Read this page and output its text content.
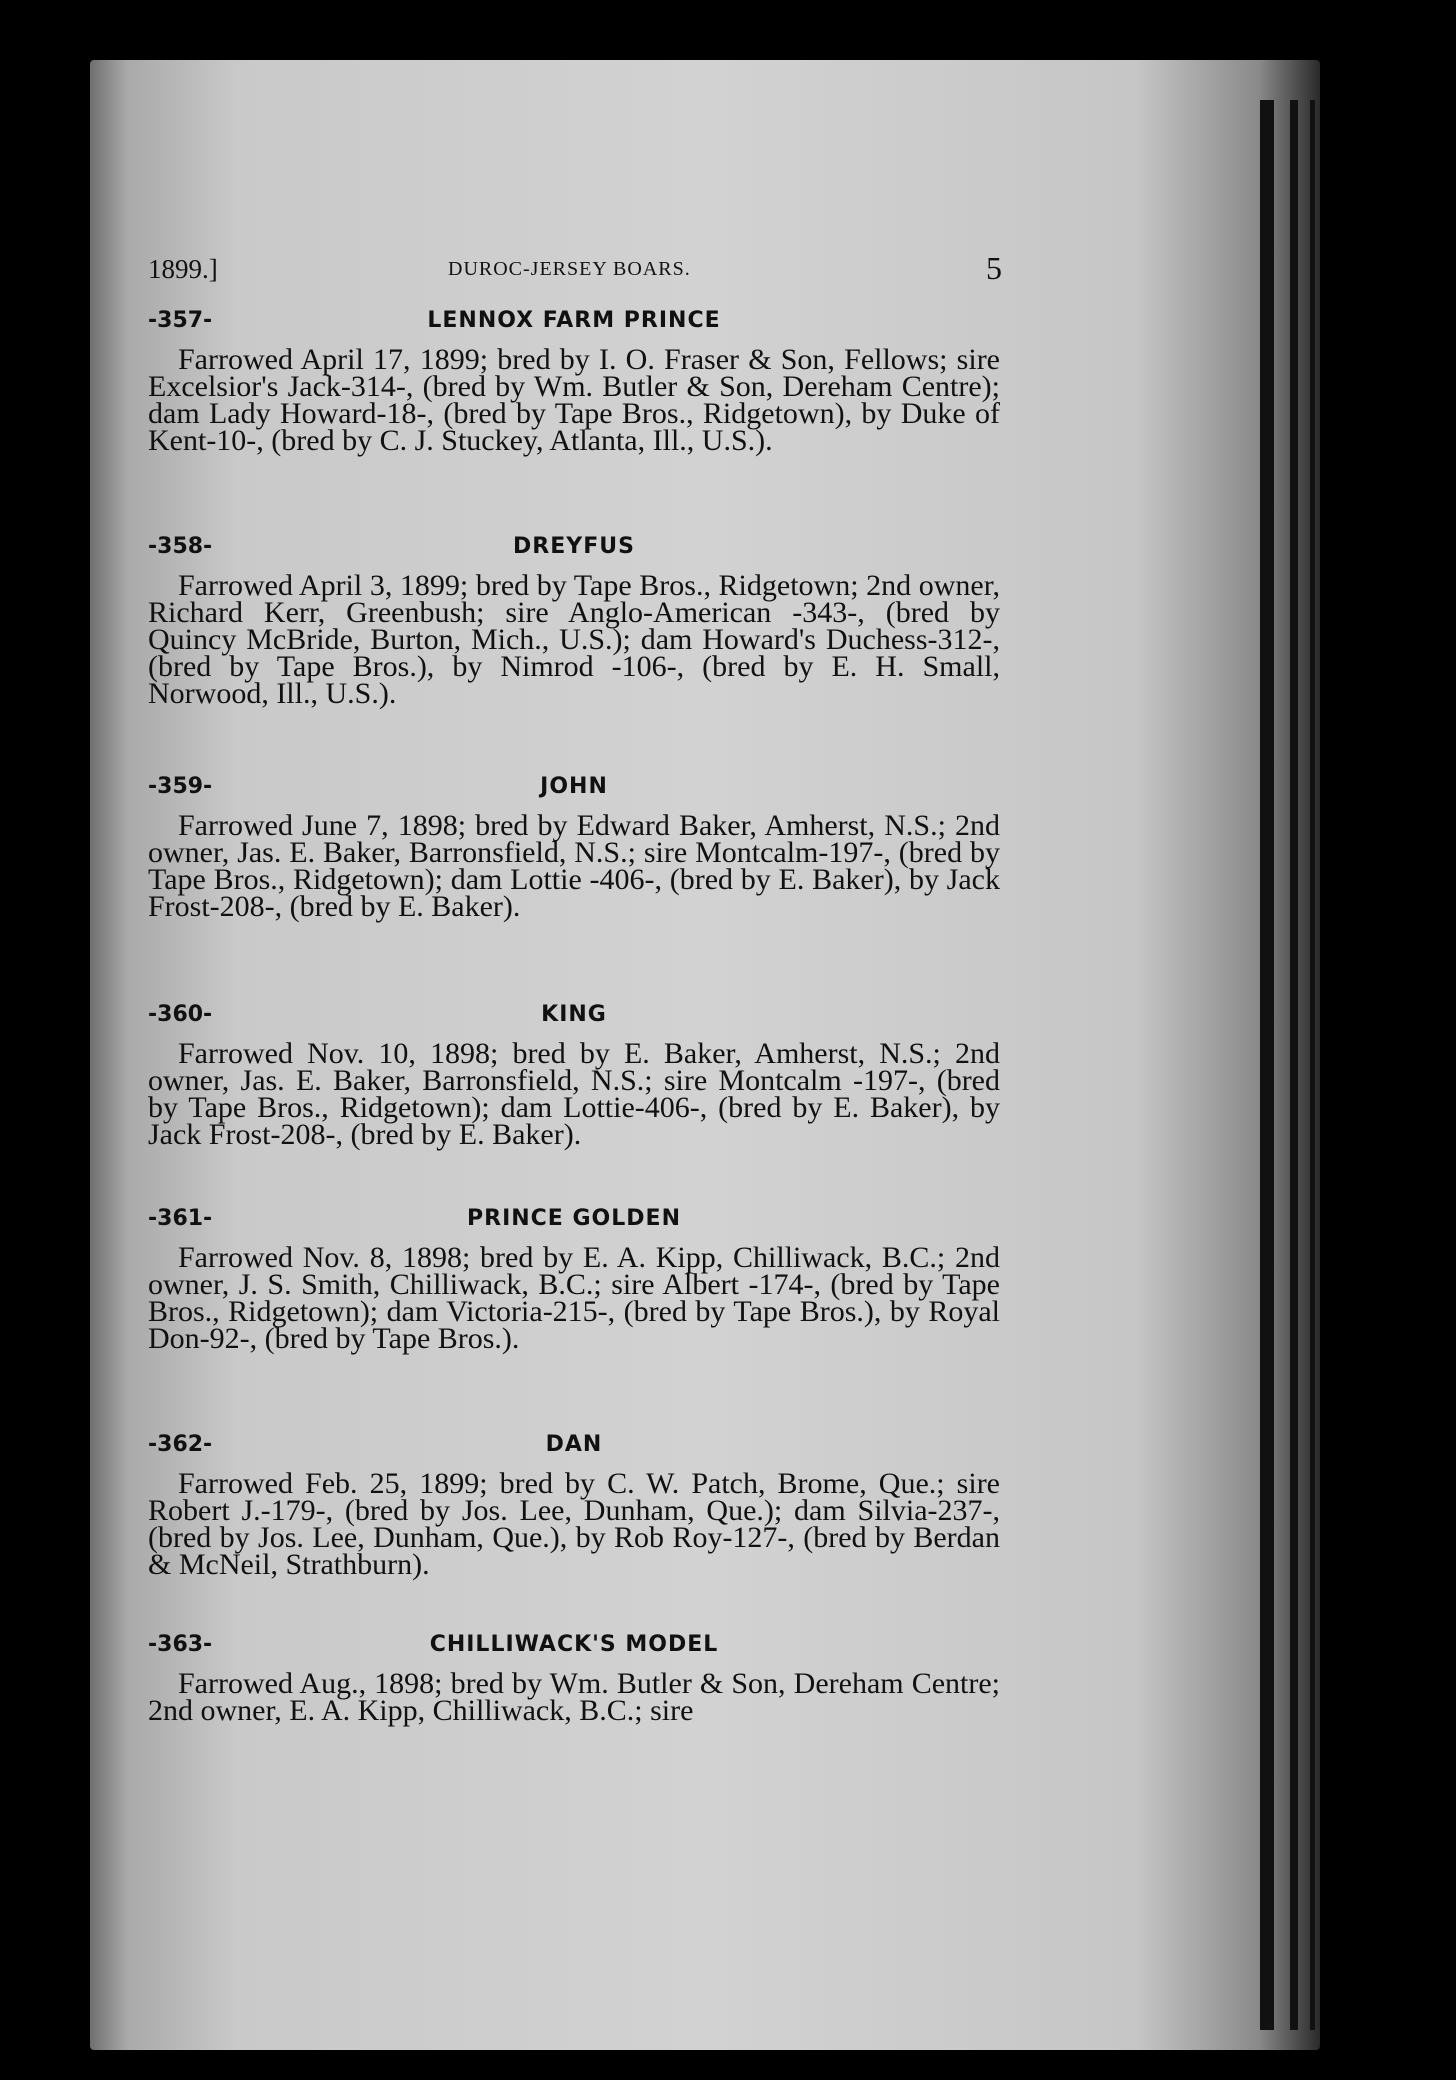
1899.]	DUROC-JERSEY BOARS.	5
-357-	LENNOX FARM PRINCE

Farrowed April 17, 1899; bred by I. O. Fraser & Son, Fellows; sire Excelsior's Jack-314-, (bred by Wm. Butler & Son, Dereham Centre); dam Lady Howard-18-, (bred by Tape Bros., Ridgetown), by Duke of Kent-10-, (bred by C. J. Stuckey, Atlanta, Ill., U.S.).

-358-	DREYFUS

Farrowed April 3, 1899; bred by Tape Bros., Ridgetown; 2nd owner, Richard Kerr, Greenbush; sire Anglo-American -343-, (bred by Quincy McBride, Burton, Mich., U.S.); dam Howard's Duchess-312-, (bred by Tape Bros.), by Nimrod -106-, (bred by E. H. Small, Norwood, Ill., U.S.).

-359-	JOHN

Farrowed June 7, 1898; bred by Edward Baker, Amherst, N.S.; 2nd owner, Jas. E. Baker, Barronsfield, N.S.; sire Montcalm-197-, (bred by Tape Bros., Ridgetown); dam Lottie -406-, (bred by E. Baker), by Jack Frost-208-, (bred by E. Baker).

-360-	KING

Farrowed Nov. 10, 1898; bred by E. Baker, Amherst, N.S.; 2nd owner, Jas. E. Baker, Barronsfield, N.S.; sire Montcalm -197-, (bred by Tape Bros., Ridgetown); dam Lottie-406-, (bred by E. Baker), by Jack Frost-208-, (bred by E. Baker).

-361-	PRINCE GOLDEN

Farrowed Nov. 8, 1898; bred by E. A. Kipp, Chilliwack, B.C.; 2nd owner, J. S. Smith, Chilliwack, B.C.; sire Albert -174-, (bred by Tape Bros., Ridgetown); dam Victoria-215-, (bred by Tape Bros.), by Royal Don-92-, (bred by Tape Bros.).

-362-	DAN

Farrowed Feb. 25, 1899; bred by C. W. Patch, Brome, Que.; sire Robert J.-179-, (bred by Jos. Lee, Dunham, Que.); dam Silvia-237-, (bred by Jos. Lee, Dunham, Que.), by Rob Roy-127-, (bred by Berdan & McNeil, Strathburn).

-363-	CHILLIWACK'S MODEL

Farrowed Aug., 1898; bred by Wm. Butler & Son, Dereham Centre; 2nd owner, E. A. Kipp, Chilliwack, B.C.; sire
